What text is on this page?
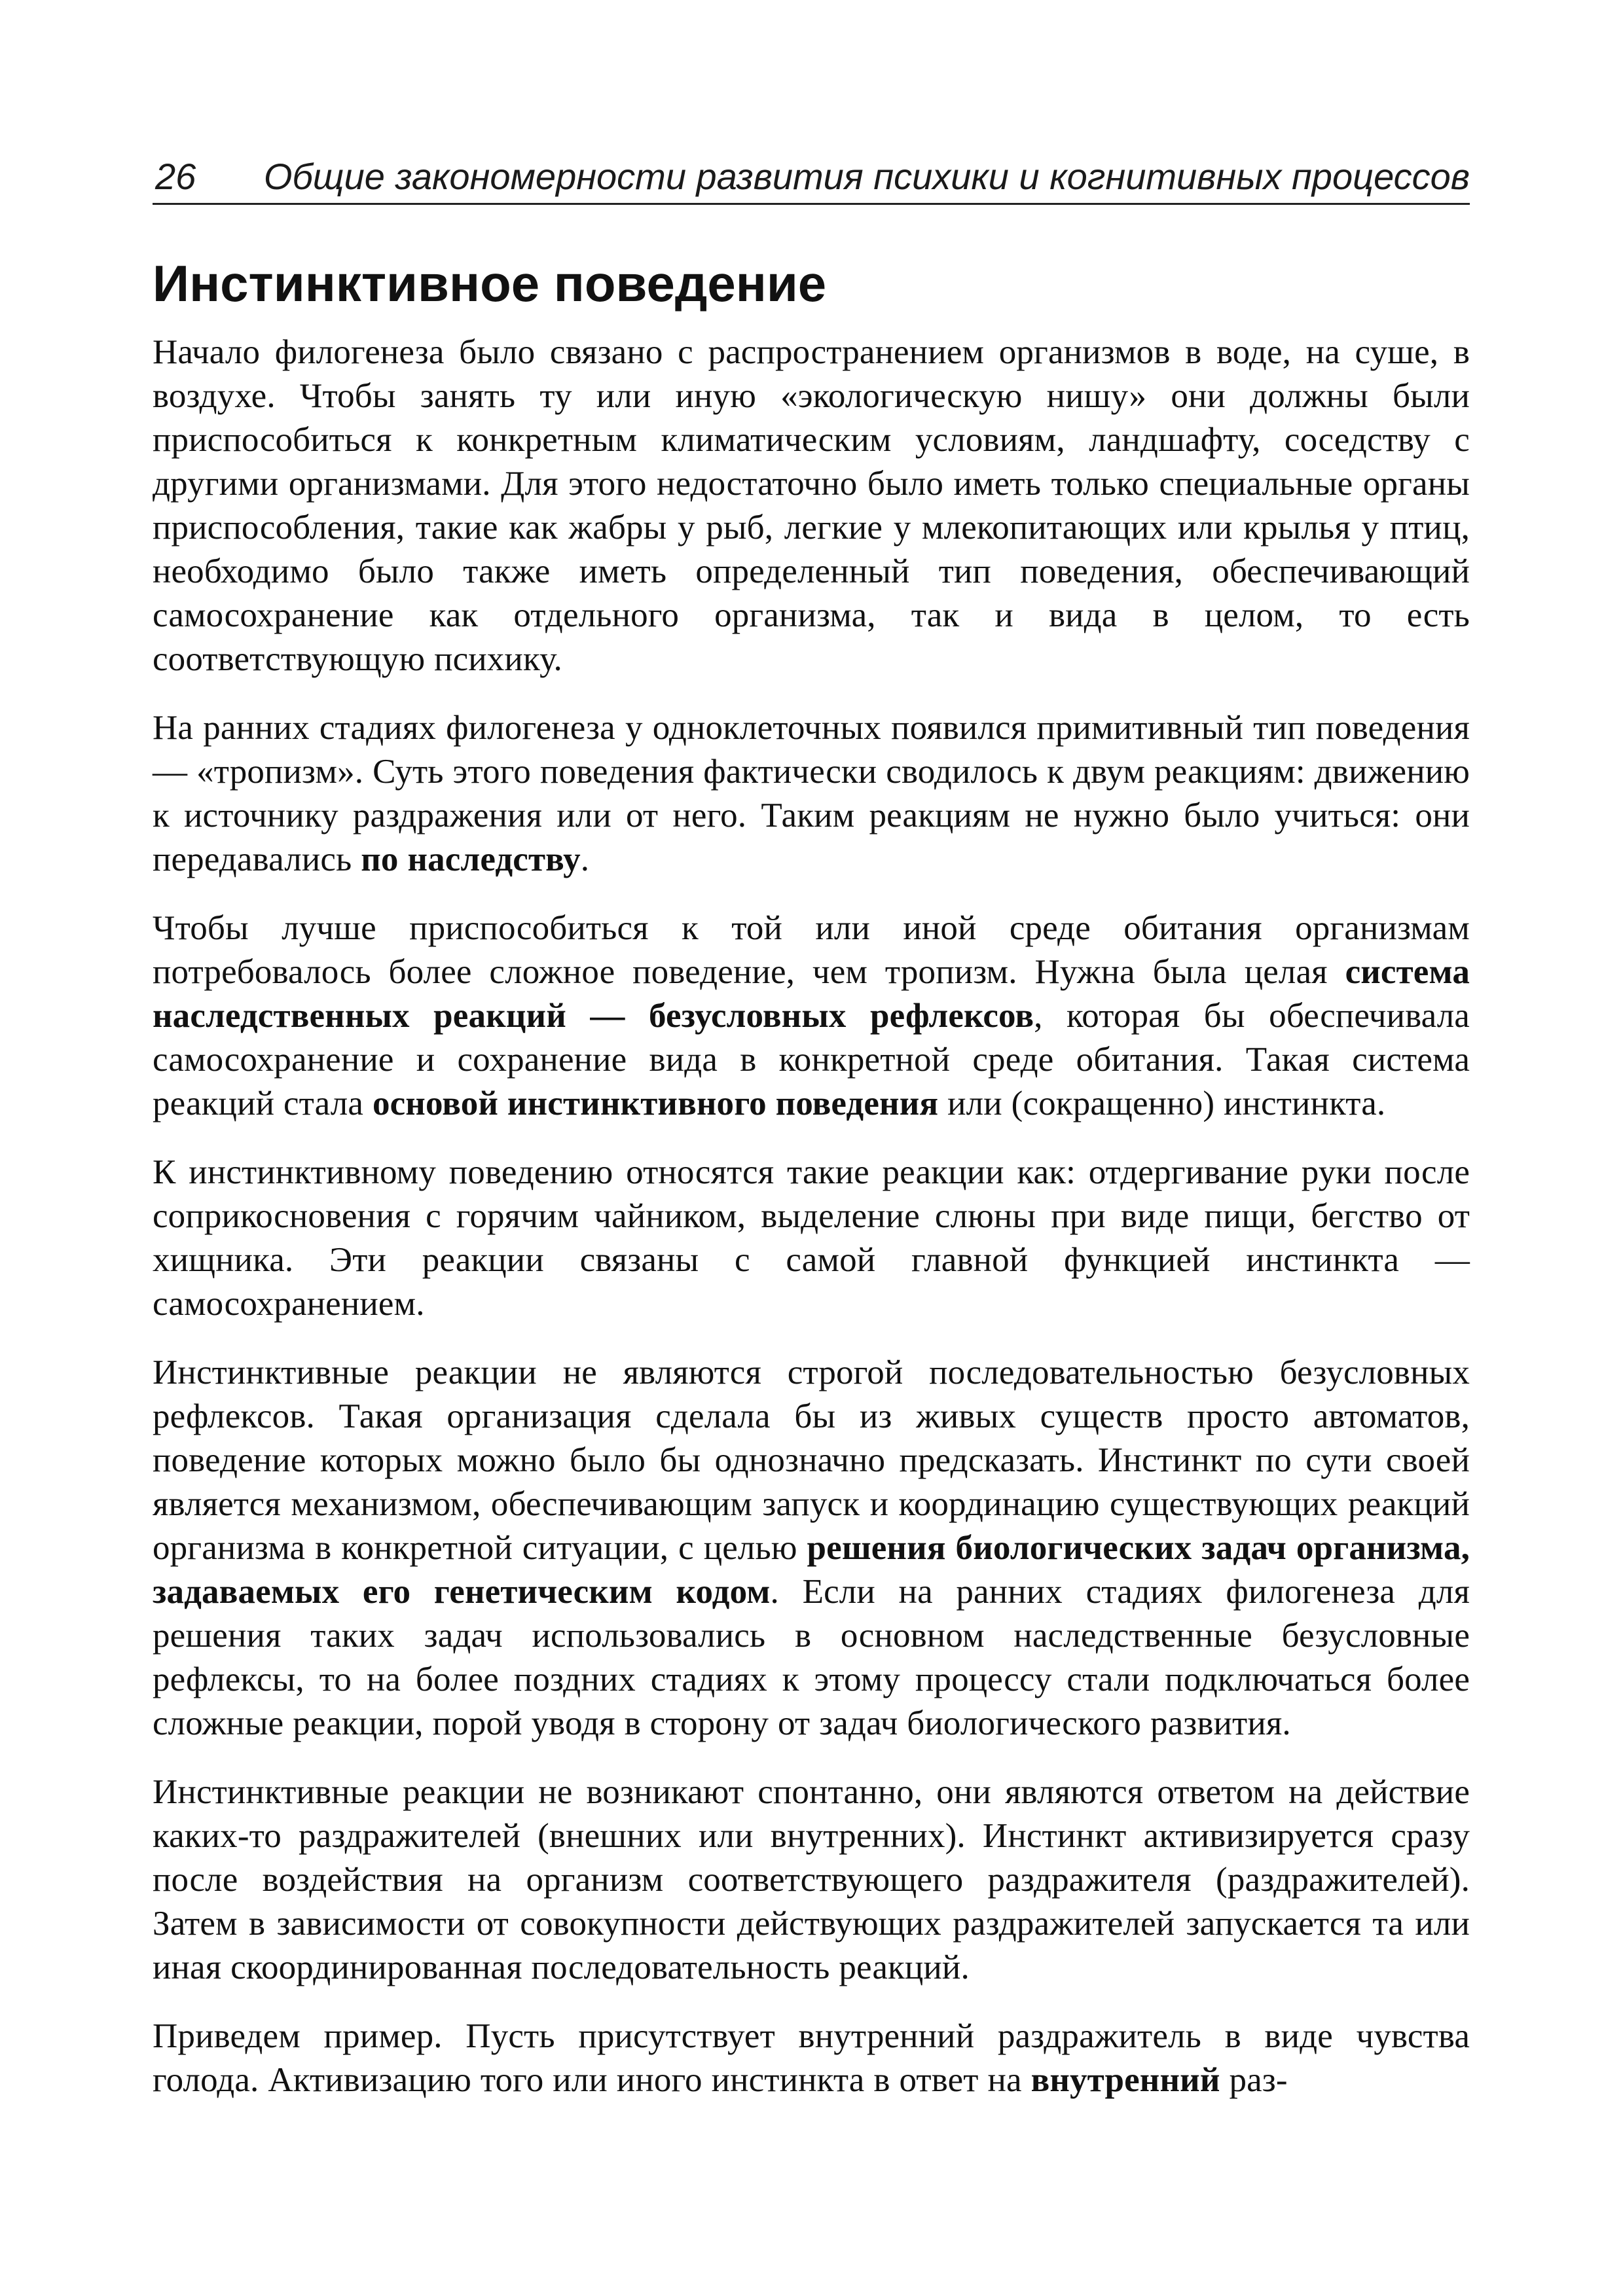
26 Общие закономерности развития психики и когнитивных процессов
Инстинктивное поведение

Начало филогенеза было связано с распространением организмов в воде, на суше, в воздухе. Чтобы занять ту или иную «экологическую нишу» они должны были приспособиться к конкретным климатическим условиям, ландшафту, соседству с другими организмами. Для этого недостаточно было иметь только специальные органы приспособления, такие как жабры у рыб, легкие у млекопитающих или крылья у птиц, необходимо было также иметь определенный тип поведения, обеспечивающий самосохранение как отдельного организма, так и вида в целом, то есть соответствующую психику.

На ранних стадиях филогенеза у одноклеточных появился примитивный тип поведения — «тропизм». Суть этого поведения фактически сводилось к двум реакциям: движению к источнику раздражения или от него. Таким реакциям не нужно было учиться: они передавались по наследству.

Чтобы лучше приспособиться к той или иной среде обитания организмам потребовалось более сложное поведение, чем тропизм. Нужна была целая система наследственных реакций — безусловных рефлексов, которая бы обеспечивала самосохранение и сохранение вида в конкретной среде обитания. Такая система реакций стала основой инстинктивного поведения или (сокращенно) инстинкта.

К инстинктивному поведению относятся такие реакции как: отдергивание руки после соприкосновения с горячим чайником, выделение слюны при виде пищи, бегство от хищника. Эти реакции связаны с самой главной функцией инстинкта — самосохранением.

Инстинктивные реакции не являются строгой последовательностью безусловных рефлексов. Такая организация сделала бы из живых существ просто автоматов, поведение которых можно было бы однозначно предсказать. Инстинкт по сути своей является механизмом, обеспечивающим запуск и координацию существующих реакций организма в конкретной ситуации, с целью решения биологических задач организма, задаваемых его генетическим кодом. Если на ранних стадиях филогенеза для решения таких задач использовались в основном наследственные безусловные рефлексы, то на более поздних стадиях к этому процессу стали подключаться более сложные реакции, порой уводя в сторону от задач биологического развития.

Инстинктивные реакции не возникают спонтанно, они являются ответом на действие каких-то раздражителей (внешних или внутренних). Инстинкт активизируется сразу после воздействия на организм соответствующего раздражителя (раздражителей). Затем в зависимости от совокупности действующих раздражителей запускается та или иная скоординированная последовательность реакций.

Приведем пример. Пусть присутствует внутренний раздражитель в виде чувства голода. Активизацию того или иного инстинкта в ответ на внутренний раз-
